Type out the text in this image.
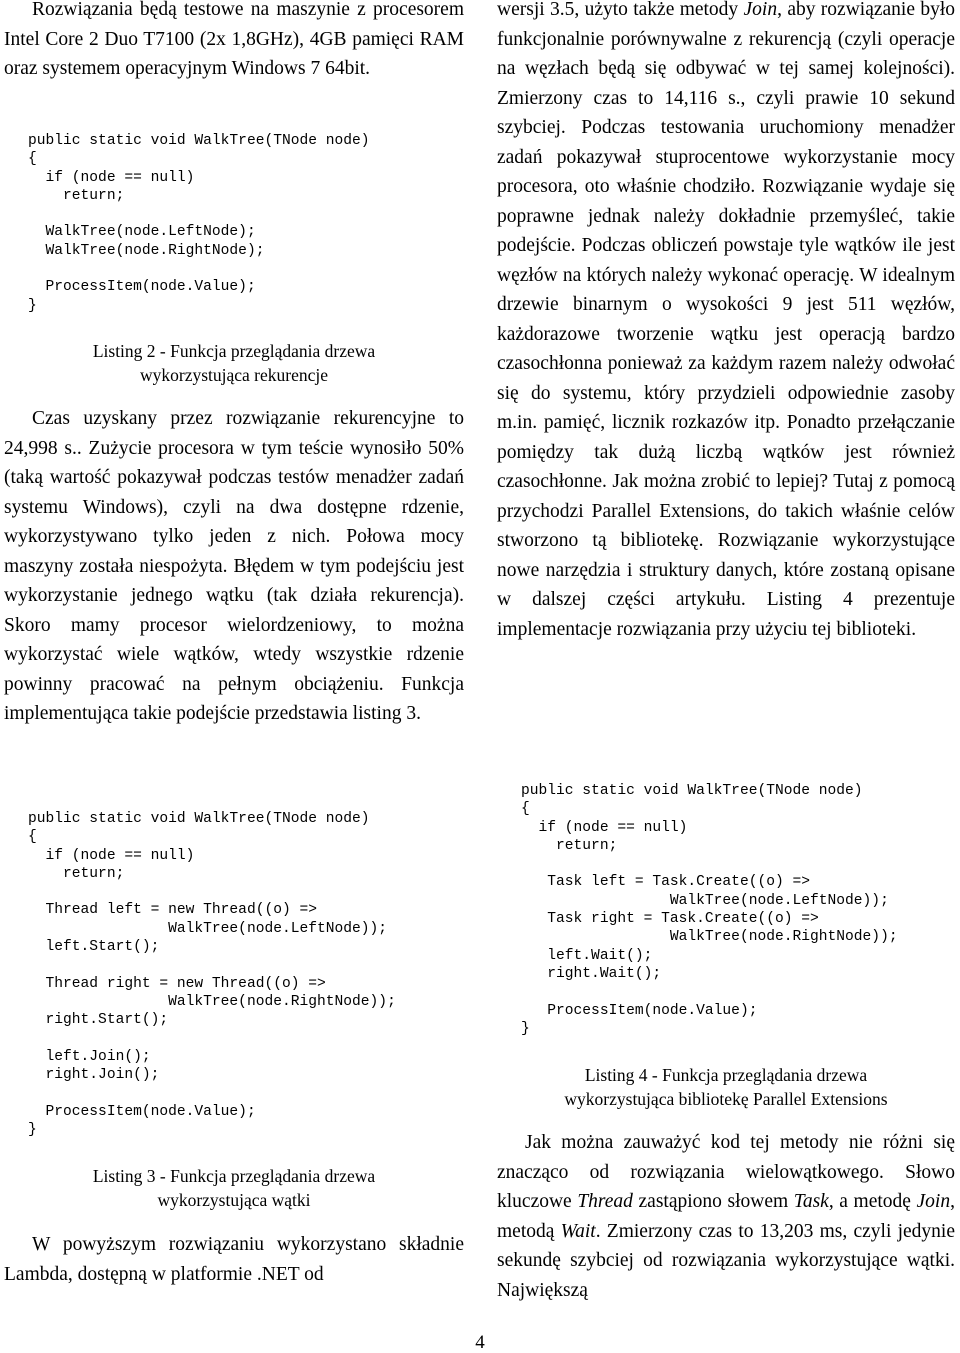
Rozwiązania będą testowe na maszynie z procesorem Intel Core 2 Duo T7100 (2x 1,8GHz), 4GB pamięci RAM oraz systemem operacyjnym Windows 7 64bit.

public static void WalkTree(TNode node)
{
if (node == null)
return;

WalkTree(node.LeftNode);
WalkTree(node.RightNode);

ProcessItem(node.Value);
}

Listing 2 - Funkcja przeglądania drzewa

wykorzystująca rekurencje

Czas uzyskany przez rozwiązanie rekurencyjne to 24,998 s.. Zużycie procesora w tym teście wynosiło 50% (taką wartość pokazywał podczas testów menadżer zadań systemu Windows), czyli na dwa dostępne rdzenie, wykorzystywano tylko jeden z nich. Połowa mocy maszyny została niespożyta. Błędem w tym podejściu jest wykorzystanie jednego wątku (tak działa rekurencja). Skoro mamy procesor wielordzeniowy, to można wykorzystać wiele wątków, wtedy wszystkie rdzenie powinny pracować na pełnym obciążeniu. Funkcja implementująca takie podejście przedstawia listing 3.

public static void WalkTree(TNode node)
{
if (node == null)
return;

Thread left = new Thread((o) =>
WalkTree(node.LeftNode));
left.Start();

Thread right = new Thread((o) =>
WalkTree(node.RightNode));
right.Start();

left.Join();
right.Join();

ProcessItem(node.Value);
}

Listing 3 - Funkcja przeglądania drzewa

wykorzystująca wątki

W powyższym rozwiązaniu wykorzystano składnie Lambda, dostępną w platformie .NET od

wersji 3.5, użyto także metody Join, aby rozwiązanie było funkcjonalnie porównywalne z rekurencją (czyli operacje na węzłach będą się odbywać w tej samej kolejności). Zmierzony czas to 14,116 s., czyli prawie 10 sekund szybciej. Podczas testowania uruchomiony menadżer zadań pokazywał stuprocentowe wykorzystanie mocy procesora, oto właśnie chodziło. Rozwiązanie wydaje się poprawne jednak należy dokładnie przemyśleć, takie podejście. Podczas obliczeń powstaje tyle wątków ile jest węzłów na których należy wykonać operację. W idealnym drzewie binarnym o wysokości 9 jest 511 węzłów, każdorazowe tworzenie wątku jest operacją bardzo czasochłonna ponieważ za każdym razem należy odwołać się do systemu, który przydzieli odpowiednie zasoby m.in. pamięć, licznik rozkazów itp. Ponadto przełączanie pomiędzy tak dużą liczbą wątków jest również czasochłonne. Jak można zrobić to lepiej? Tutaj z pomocą przychodzi Parallel Extensions, do takich właśnie celów stworzono tą bibliotekę. Rozwiązanie wykorzystujące nowe narzędzia i struktury danych, które zostaną opisane w dalszej części artykułu. Listing 4 prezentuje implementacje rozwiązania przy użyciu tej biblioteki.

public static void WalkTree(TNode node)
{
if (node == null)
return;

Task left = Task.Create((o) =>
WalkTree(node.LeftNode));
Task right = Task.Create((o) =>
WalkTree(node.RightNode));
left.Wait();
right.Wait();

ProcessItem(node.Value);
}

Listing 4 - Funkcja przeglądania drzewa

wykorzystująca bibliotekę Parallel Extensions

Jak można zauważyć kod tej metody nie różni się znacząco od rozwiązania wielowątkowego. Słowo kluczowe Thread zastąpiono słowem Task, a metodę Join, metodą Wait. Zmierzony czas to 13,203 ms, czyli jedynie sekundę szybciej od rozwiązania wykorzystujące wątki. Największą

4
